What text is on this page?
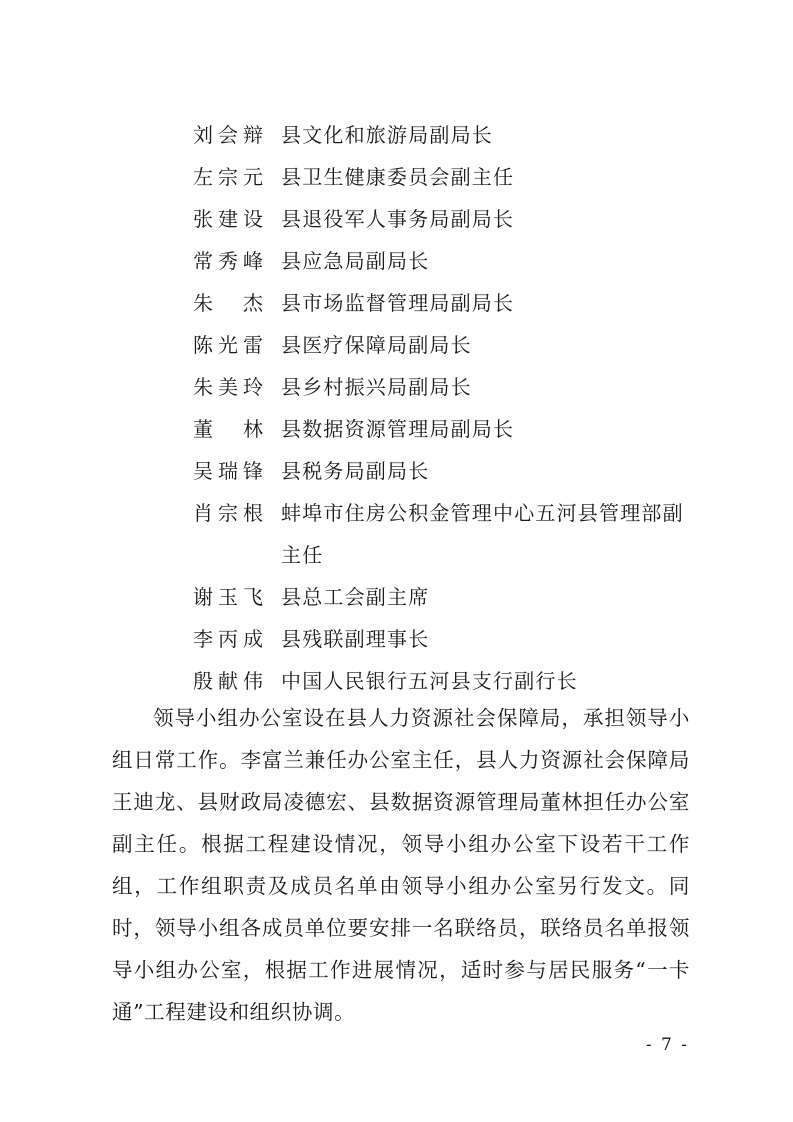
刘会辩 县文化和旅游局副局长
左宗元 县卫生健康委员会副主任
张建设 县退役军人事务局副局长
常秀峰 县应急局副局长
朱　杰 县市场监督管理局副局长
陈光雷 县医疗保障局副局长
朱美玲 县乡村振兴局副局长
董　林 县数据资源管理局副局长
吴瑞锋 县税务局副局长
肖宗根 蚌埠市住房公积金管理中心五河县管理部副主任
谢玉飞 县总工会副主席
李丙成 县残联副理事长
殷献伟 中国人民银行五河县支行副行长

领导小组办公室设在县人力资源社会保障局，承担领导小组日常工作。李富兰兼任办公室主任，县人力资源社会保障局王迪龙、县财政局凌德宏、县数据资源管理局董林担任办公室副主任。根据工程建设情况，领导小组办公室下设若干工作组，工作组职责及成员名单由领导小组办公室另行发文。同时，领导小组各成员单位要安排一名联络员，联络员名单报领导小组办公室，根据工作进展情况，适时参与居民服务“一卡通”工程建设和组织协调。

- 7 -
